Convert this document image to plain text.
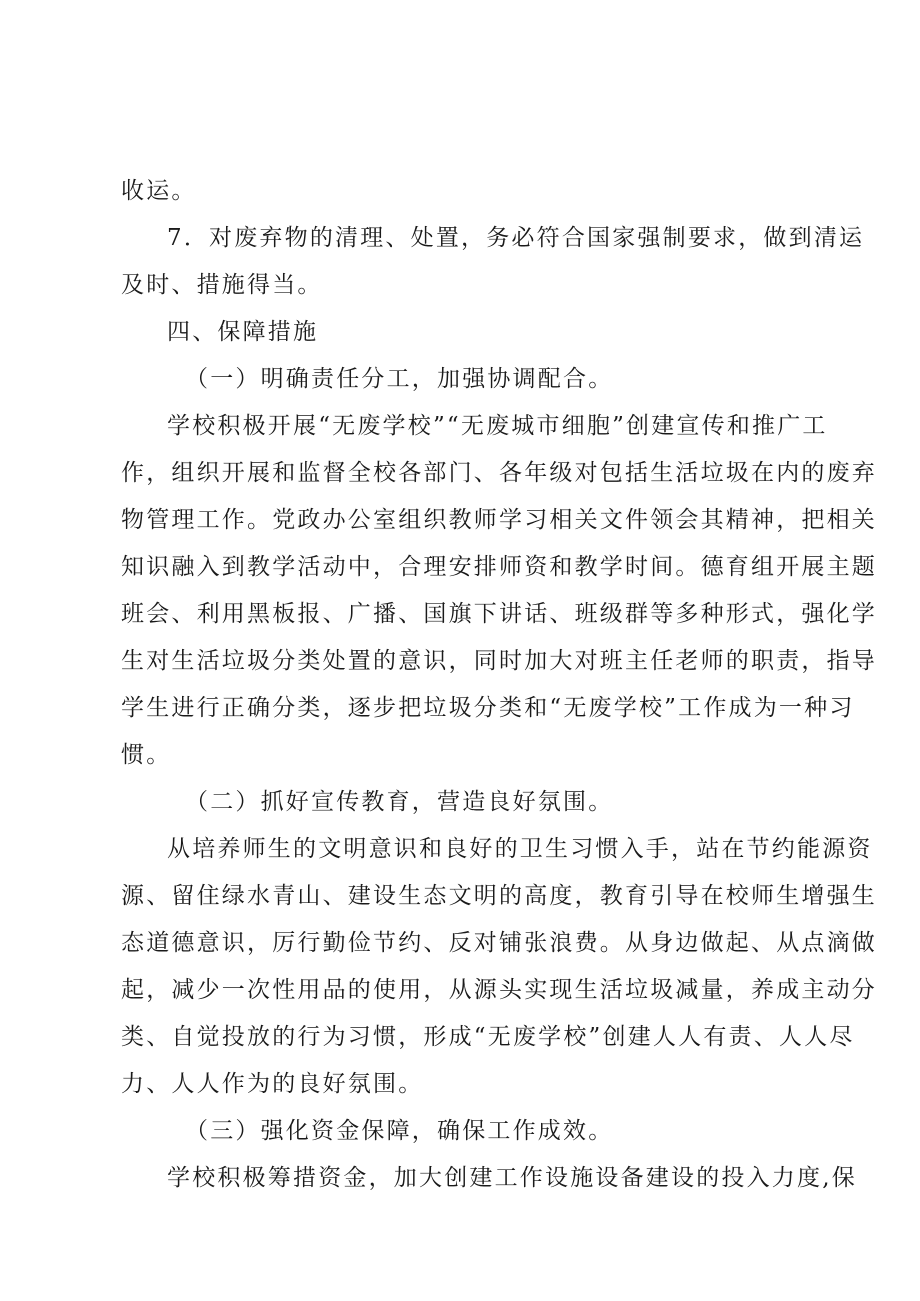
收运。

7．对废弃物的清理、处置，务必符合国家强制要求，做到清运
及时、措施得当。

四、保障措施

（一）明确责任分工，加强协调配合。

学校积极开展“无废学校”“无废城市细胞”创建宣传和推广工
作，组织开展和监督全校各部门、各年级对包括生活垃圾在内的废弃
物管理工作。党政办公室组织教师学习相关文件领会其精神，把相关
知识融入到教学活动中，合理安排师资和教学时间。德育组开展主题
班会、利用黑板报、广播、国旗下讲话、班级群等多种形式，强化学
生对生活垃圾分类处置的意识，同时加大对班主任老师的职责，指导
学生进行正确分类，逐步把垃圾分类和“无废学校”工作成为一种习
惯。

（二）抓好宣传教育，营造良好氛围。

从培养师生的文明意识和良好的卫生习惯入手，站在节约能源资
源、留住绿水青山、建设生态文明的高度，教育引导在校师生增强生
态道德意识，厉行勤俭节约、反对铺张浪费。从身边做起、从点滴做
起，减少一次性用品的使用，从源头实现生活垃圾减量，养成主动分
类、自觉投放的行为习惯，形成“无废学校”创建人人有责、人人尽
力、人人作为的良好氛围。

（三）强化资金保障，确保工作成效。

学校积极筹措资金，加大创建工作设施设备建设的投入力度,保
